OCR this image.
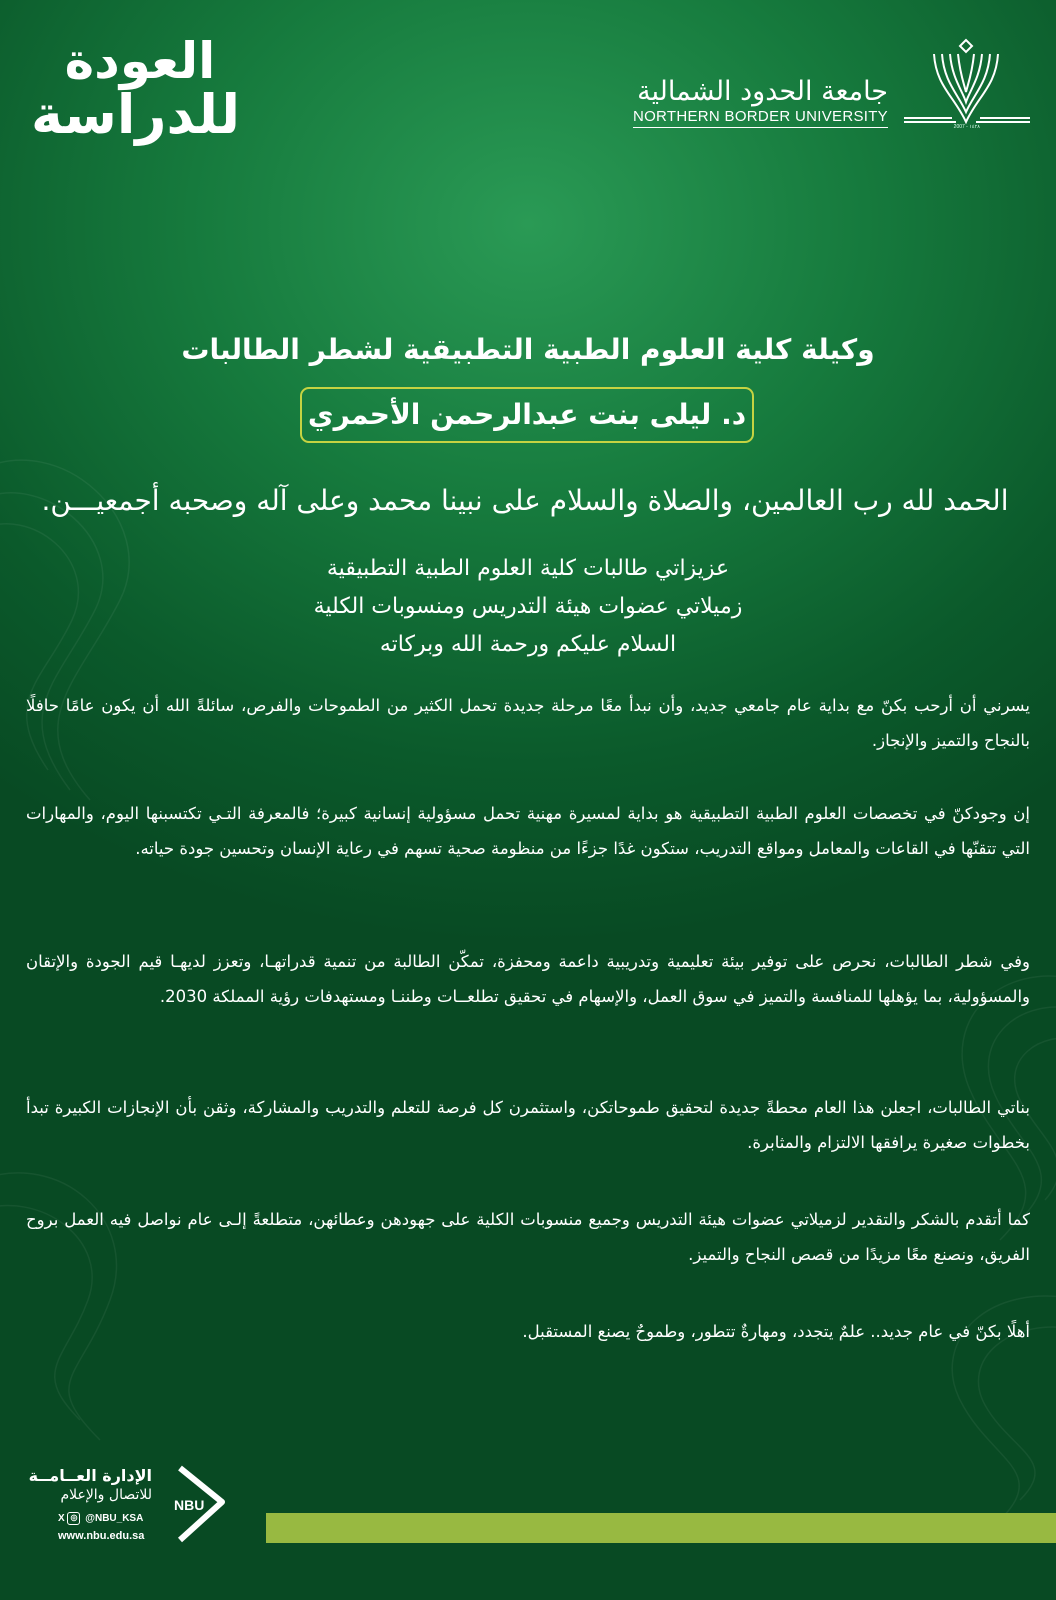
العودة
للدراسة	جامعة الحدود الشمالية
NORTHERN BORDER UNIVERSITY
2007 - ١٤٢٨
وكيلة كلية العلوم الطبية التطبيقية لشطر الطالبات
د. ليلى بنت عبدالرحمن الأحمري
الحمد لله رب العالمين، والصلاة والسلام على نبينا محمد وعلى آله وصحبه أجمعيـــن.
عزيزاتي طالبات كلية العلوم الطبية التطبيقية
زميلاتي عضوات هيئة التدريس ومنسوبات الكلية
السلام عليكم ورحمة الله وبركاته

يسرني أن أرحب بكنّ مع بداية عام جامعي جديد، وأن نبدأ معًا مرحلة جديدة تحمل الكثير من الطموحات والفرص، سائلةً الله أن يكون عامًا حافلًا بالنجاح والتميز والإنجاز.

إن وجودكنّ في تخصصات العلوم الطبية التطبيقية هو بداية لمسيرة مهنية تحمل مسؤولية إنسانية كبيرة؛ فالمعرفة التـي تكتسبنها اليوم، والمهارات التي تتقنّها في القاعات والمعامل ومواقع التدريب، ستكون غدًا جزءًا من منظومة صحية تسهم في رعاية الإنسان وتحسين جودة حياته.

وفي شطر الطالبات، نحرص على توفير بيئة تعليمية وتدريبية داعمة ومحفزة، تمكّن الطالبة من تنمية قدراتهـا، وتعزز لديهـا قيم الجودة والإتقان والمسؤولية، بما يؤهلها للمنافسة والتميز في سوق العمل، والإسهام في تحقيق تطلعــات وطننـا ومستهدفات رؤية المملكة 2030.

بناتي الطالبات، اجعلن هذا العام محطةً جديدة لتحقيق طموحاتكن، واستثمرن كل فرصة للتعلم والتدريب والمشاركة، وثقن بأن الإنجازات الكبيرة تبدأ بخطوات صغيرة يرافقها الالتزام والمثابرة.

كما أتقدم بالشكر والتقدير لزميلاتي عضوات هيئة التدريس وجميع منسوبات الكلية على جهودهن وعطائهن، متطلعةً إلـى عام نواصل فيه العمل بروح الفريق، ونصنع معًا مزيدًا من قصص النجاح والتميز.

أهلًا بكنّ في عام جديد.. علمٌ يتجدد، ومهارةٌ تتطور، وطموحٌ يصنع المستقبل.

الإدارة العــامــة
للاتصال والإعلام
X ◎ @NBU_KSA
www.nbu.edu.sa
NBU
